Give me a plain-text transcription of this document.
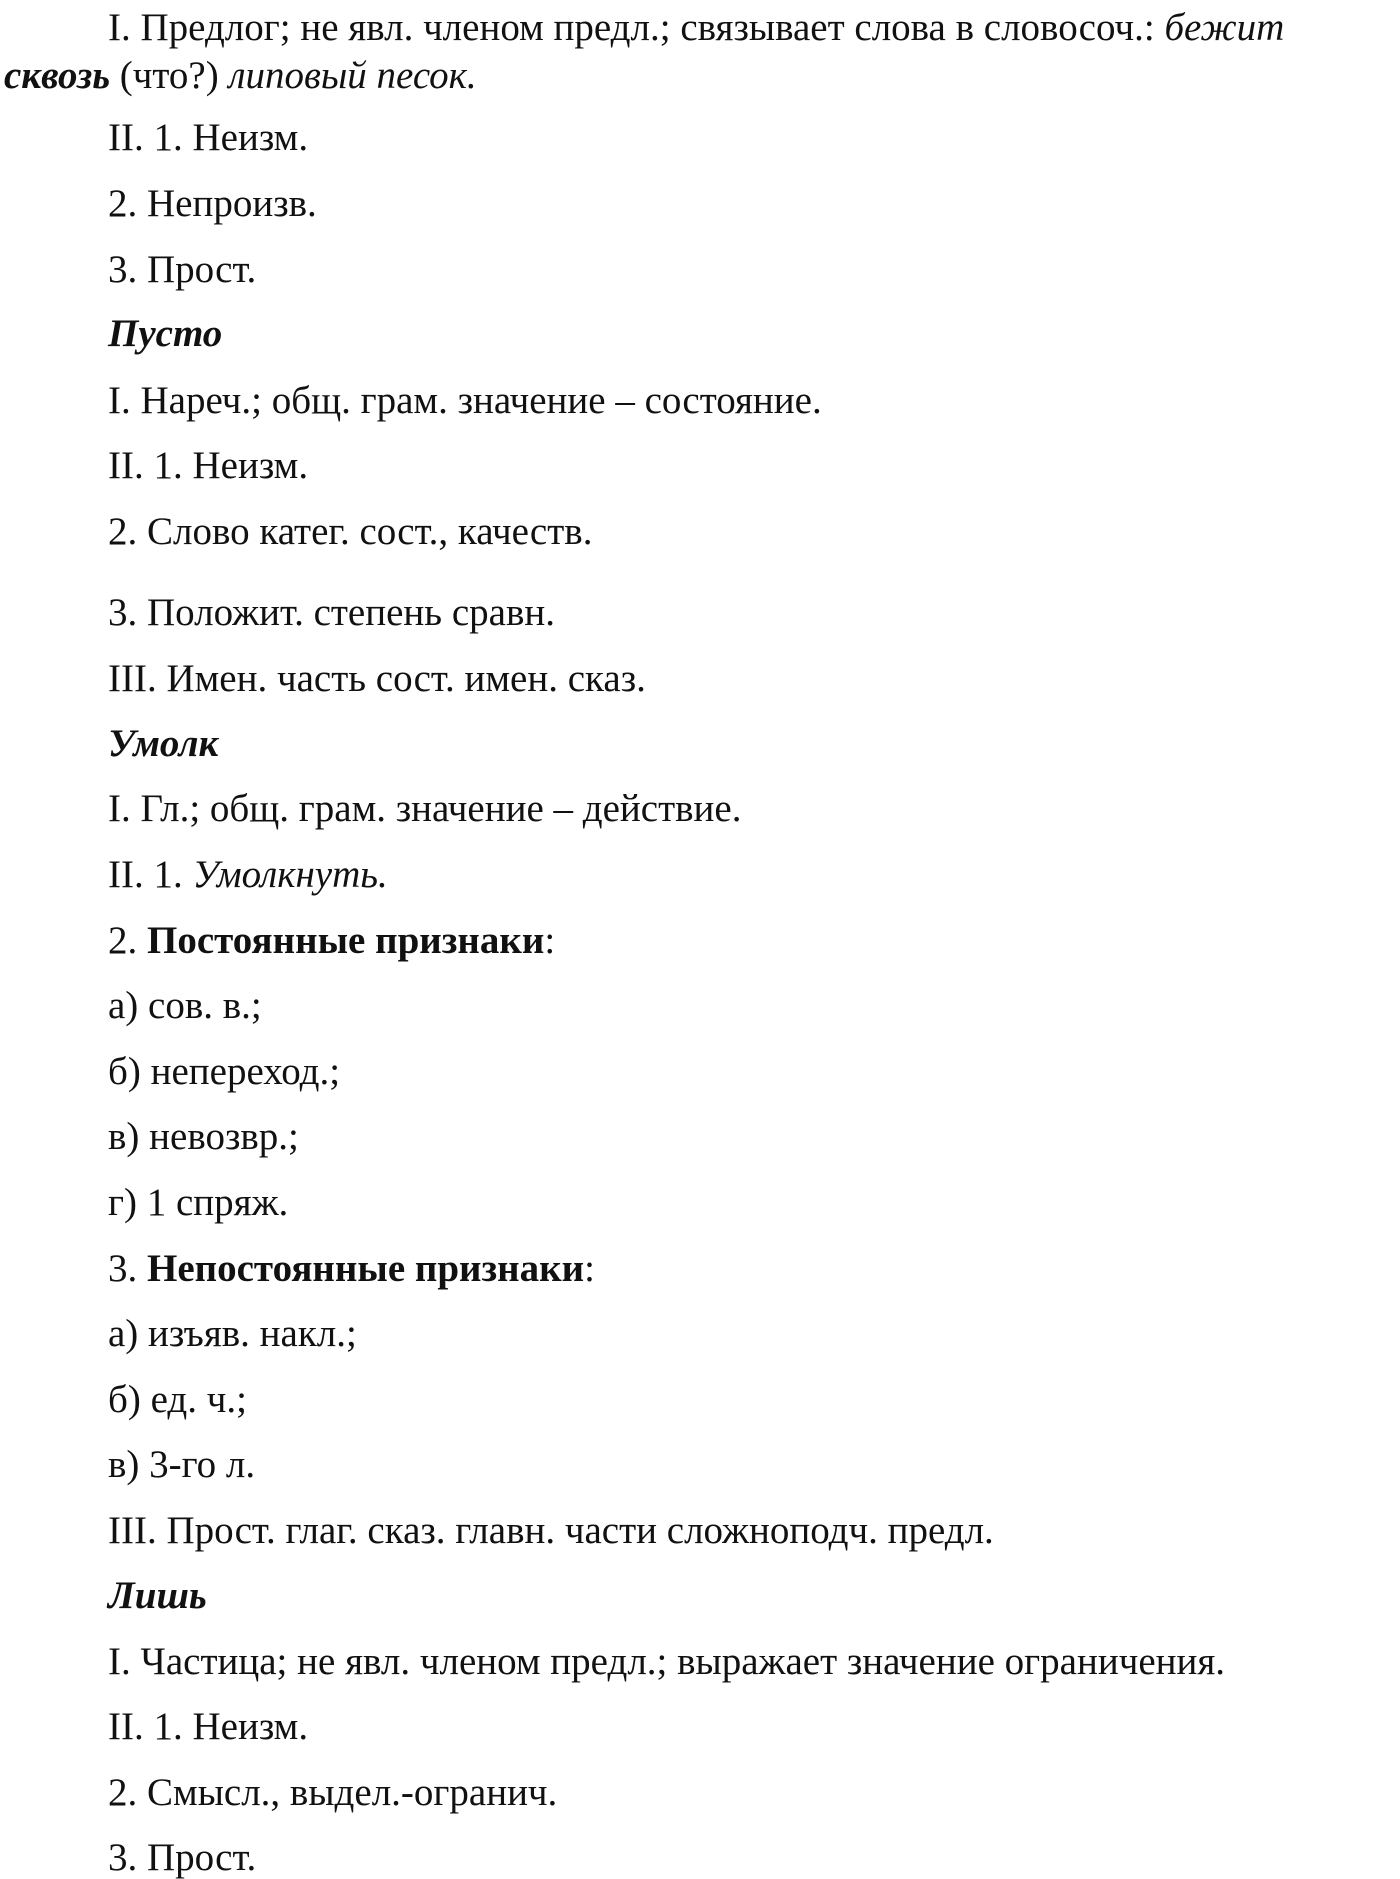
I. Предлог; не явл. членом предл.; связывает слова в словосоч.: бежит

сквозь (что?) липовый песок.

II. 1. Неизм.

2. Непроизв.

3. Прост.

Пусто

I. Нареч.; общ. грам. значение – состояние.

II. 1. Неизм.

2. Слово катег. сост., качеств.

3. Положит. степень сравн.

III. Имен. часть сост. имен. сказ.

Умолк

I. Гл.; общ. грам. значение – действие.

II. 1. Умолкнуть.

2. Постоянные признаки:

а) сов. в.;

б) непереход.;

в) невозвр.;

г) 1 спряж.

3. Непостоянные признаки:

а) изъяв. накл.;

б) ед. ч.;

в) 3-го л.

III. Прост. глаг. сказ. главн. части сложноподч. предл.

Лишь

I. Частица; не явл. членом предл.; выражает значение ограничения.

II. 1. Неизм.

2. Смысл., выдел.-огранич.

3. Прост.
